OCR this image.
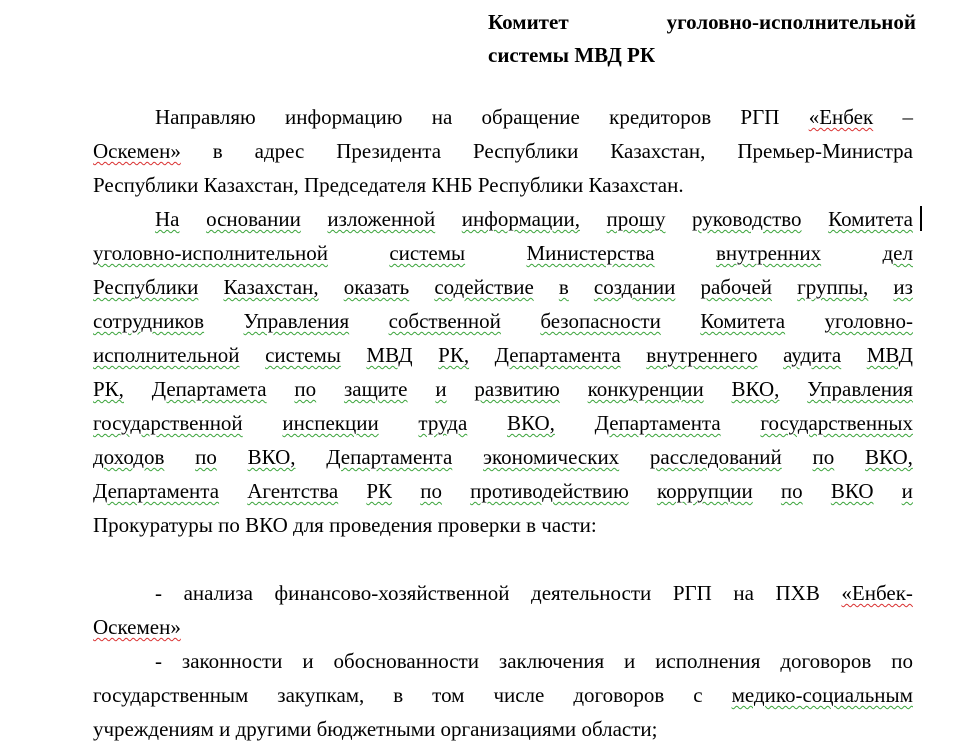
Комитет	уголовно-исполнительной
системы МВД РК
Направляю информацию на обращение кредиторов РГП «Енбек –
Оскемен» в адрес Президента Республики Казахстан, Премьер-Министра
Республики Казахстан, Председателя КНБ Республики Казахстан.
На основании изложенной информации, прошу руководство Комитета
уголовно-исполнительной	системы	Министерства	внутренних	дел
Республики Казахстан, оказать содействие в создании рабочей группы, из
сотрудников Управления собственной безопасности Комитета уголовно-
исполнительной системы МВД РК, Департамента внутреннего аудита МВД
РК, Департамета по защите и развитию конкуренции ВКО, Управления
государственной инспекции труда ВКО, Департамента государственных
доходов по ВКО, Департамента экономических расследований по ВКО,
Департамента Агентства РК по противодействию коррупции по ВКО и
Прокуратуры по ВКО для проведения проверки в части:
- анализа финансово-хозяйственной деятельности РГП на ПХВ «Енбек-
Оскемен»
- законности и обоснованности заключения и исполнения договоров по
государственным закупкам, в том числе договоров с медико-социальным
учреждениям и другими бюджетными организациями области;
